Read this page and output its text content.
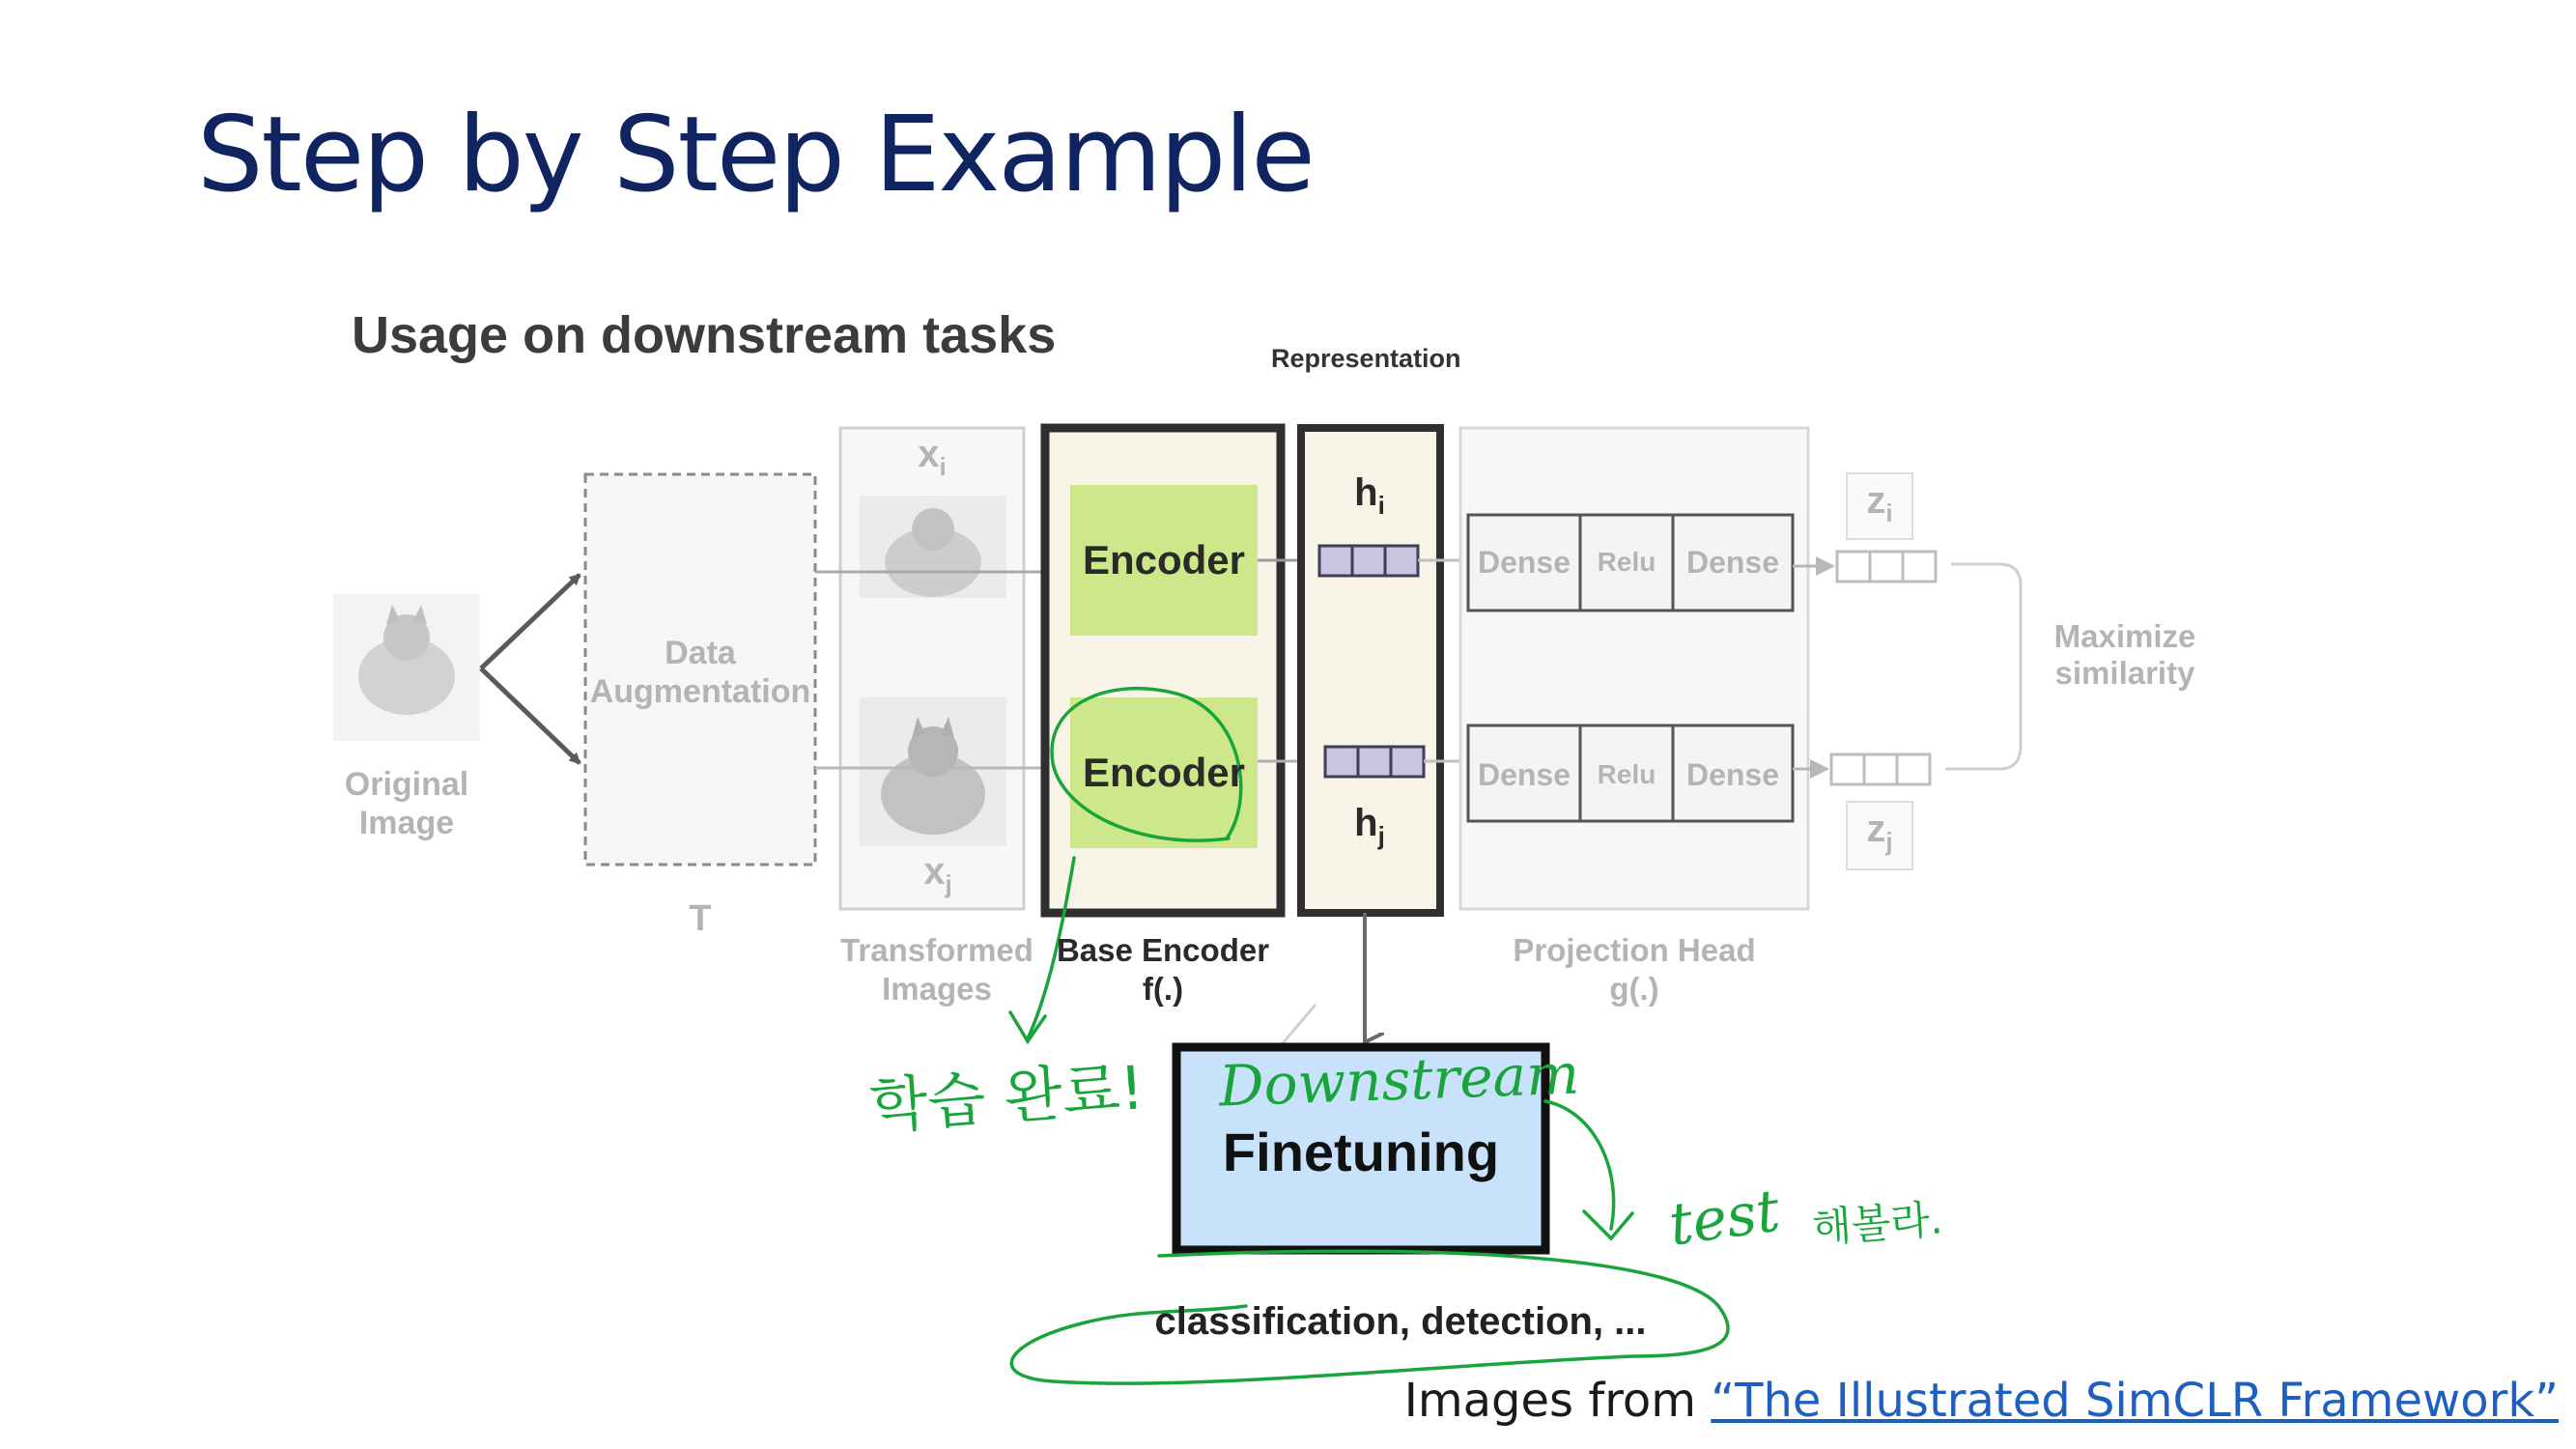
Step by Step Example
Usage on downstream tasks	Representation
Original
Image
Data
Augmentation
T
$x_i$
$x_j$
Transformed
Images
Encoder
Encoder
Base Encoder
f(.)
$h_i$
$h_j$
Dense Relu Dense
Dense Relu Dense
Projection Head
g(.)
$z_i$
$z_j$
Maximize
similarity
Finetuning
classification, detection, ...
Downstream
학습 완료!
test 해볼라.
Images from “The Illustrated SimCLR Framework”
